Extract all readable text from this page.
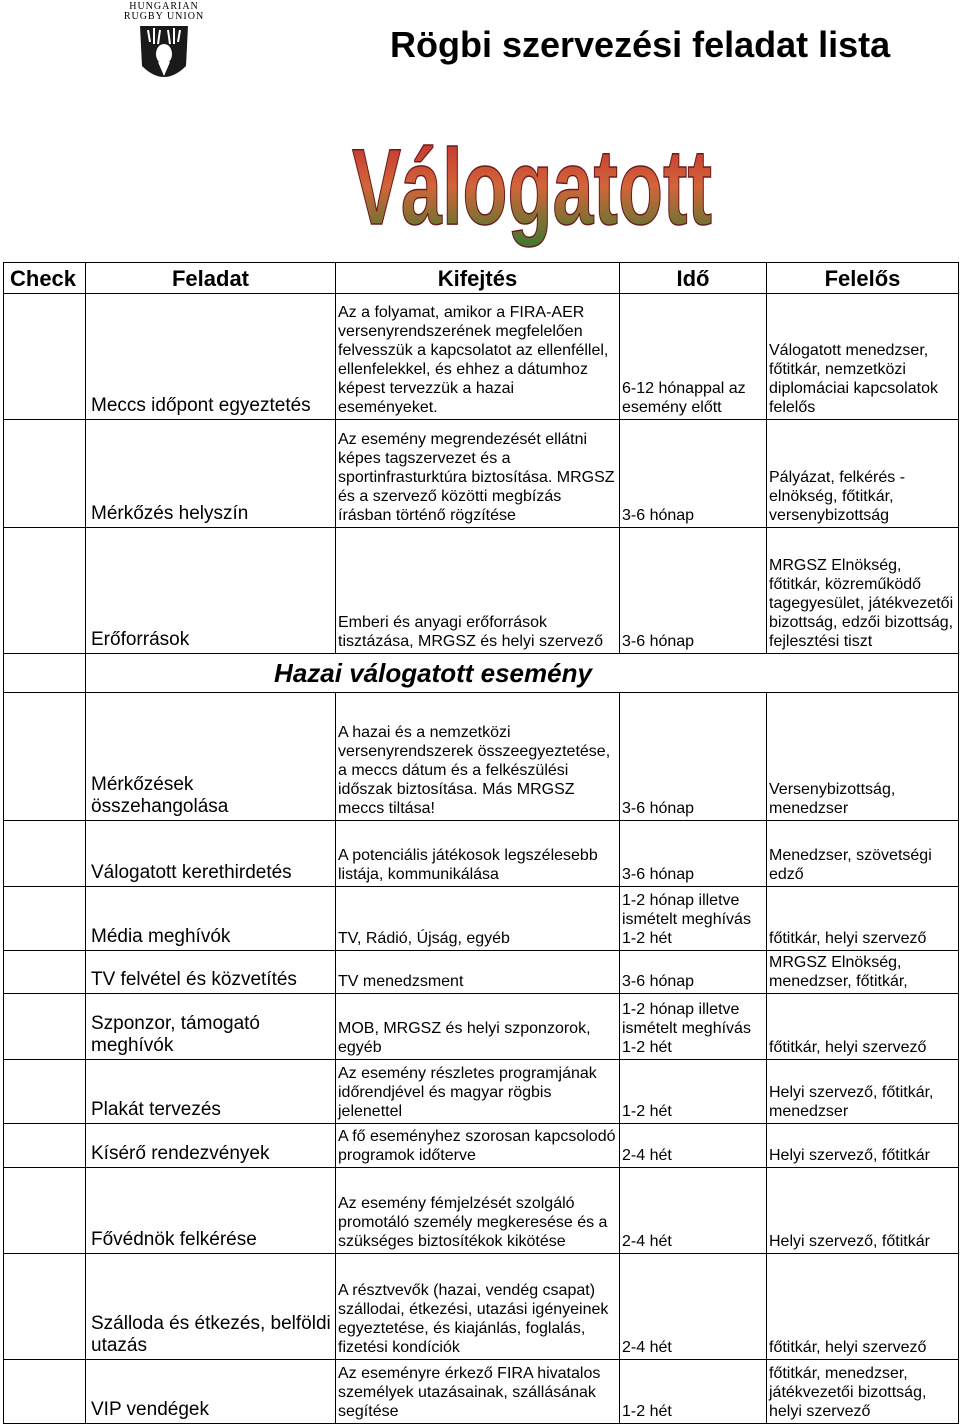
HUNGARIAN
RUGBY UNION
Rögbi szervezési feladat lista
Válogatott
Check	Feladat	Kifejtés	Idő	Felelős
	Meccs időpont egyeztetés	Az a folyamat, amikor a FIRA-AER versenyrendszerének megfelelően felvesszük a kapcsolatot az ellenféllel, ellenfelekkel, és ehhez a dátumhoz képest tervezzük a hazai eseményeket.	6-12 hónappal az esemény előtt	Válogatott menedzser, főtitkár, nemzetközi diplomáciai kapcsolatok felelős
	Mérkőzés helyszín	Az esemény megrendezését ellátni képes tagszervezet és a sportinfrasturktúra biztosítása. MRGSZ és a szervező közötti megbízás írásban történő rögzítése	3-6 hónap	Pályázat, felkérés - elnökség, főtitkár, versenybizottság
	Erőforrások	Emberi és anyagi erőforrások tisztázása, MRGSZ és helyi szervező	3-6 hónap	MRGSZ Elnökség, főtitkár, közreműködő tagegyesület, játékvezetői bizottság, edzői bizottság, fejlesztési tiszt
	Hazai válogatott esemény			
	Mérkőzések összehangolása	A hazai és a nemzetközi versenyrendszerek összeegyeztetése, a meccs dátum és a felkészülési időszak biztosítása. Más MRGSZ meccs tiltása!	3-6 hónap	Versenybizottság, menedzser
	Válogatott kerethirdetés	A potenciális játékosok legszélesebb listája, kommunikálása	3-6 hónap	Menedzser, szövetségi edző
	Média meghívók	TV, Rádió, Újság, egyéb	1-2 hónap illetve ismételt meghívás 1-2 hét	főtitkár, helyi szervező
	TV felvétel és közvetítés	TV menedzsment	3-6 hónap	MRGSZ Elnökség, menedzser, főtitkár,
	Szponzor, támogató meghívók	MOB, MRGSZ és helyi szponzorok, egyéb	1-2 hónap illetve ismételt meghívás 1-2 hét	főtitkár, helyi szervező
	Plakát tervezés	Az esemény részletes programjának időrendjével és magyar rögbis jelenettel	1-2 hét	Helyi szervező, főtitkár, menedzser
	Kísérő rendezvények	A fő eseményhez szorosan kapcsolodó programok időterve	2-4 hét	Helyi szervező, főtitkár
	Fővédnök felkérése	Az esemény fémjelzését szolgáló promotáló személy megkeresése és a szükséges biztosítékok kikötése	2-4 hét	Helyi szervező, főtitkár
	Szálloda és étkezés, belföldi utazás	A résztvevők (hazai, vendég csapat) szállodai, étkezési, utazási igényeinek egyeztetése, és kiajánlás, foglalás, fizetési kondíciók	2-4 hét	főtitkár, helyi szervező
	VIP vendégek	Az eseményre érkező FIRA hivatalos személyek utazásainak, szállásának segítése	1-2 hét	főtitkár, menedzser, játékvezetői bizottság, helyi szervező
